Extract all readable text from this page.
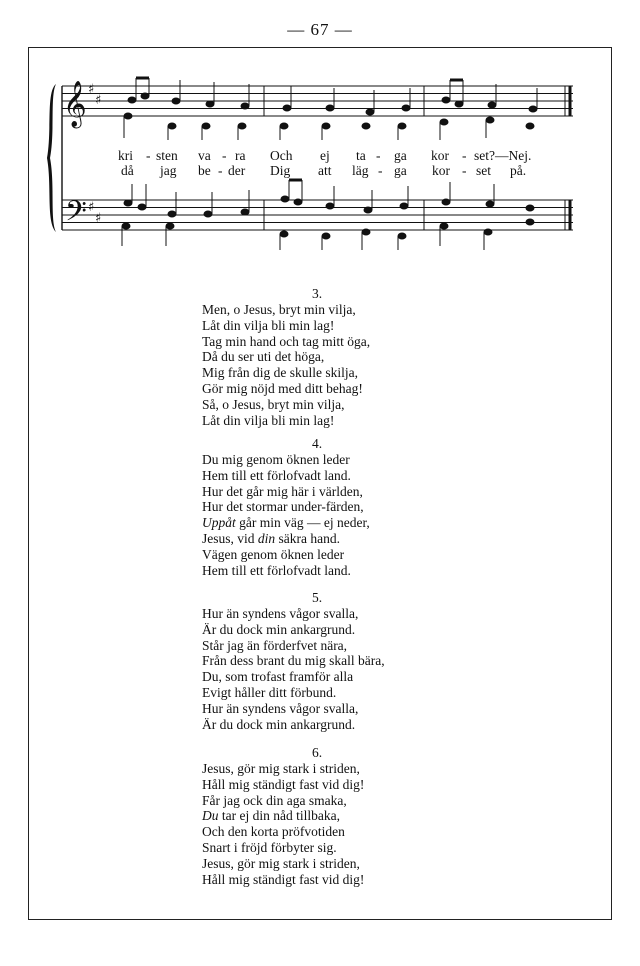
— 67 —
𝄞
𝄢
♯
♯
♯
♯
kri - sten va - ra Och ej ta - ga kor - set?—Nej.
då jag be - der Dig att läg - ga kor - set på.
3.
Men, o Jesus, bryt min vilja,
Låt din vilja bli min lag!
Tag min hand och tag mitt öga,
Då du ser uti det höga,
Mig från dig de skulle skilja,
Gör mig nöjd med ditt behag!
Så, o Jesus, bryt min vilja,
Låt din vilja bli min lag!
4.
Du mig genom öknen leder
Hem till ett förlofvadt land.
Hur det går mig här i världen,
Hur det stormar under-färden,
Uppåt går min väg — ej neder,
Jesus, vid din säkra hand.
Vägen genom öknen leder
Hem till ett förlofvadt land.
5.
Hur än syndens vågor svalla,
Är du dock min ankargrund.
Står jag än förderfvet nära,
Från dess brant du mig skall bära,
Du, som trofast framför alla
Evigt håller ditt förbund.
Hur än syndens vågor svalla,
Är du dock min ankargrund.
6.
Jesus, gör mig stark i striden,
Håll mig ständigt fast vid dig!
Får jag ock din aga smaka,
Du tar ej din nåd tillbaka,
Och den korta pröfvotiden
Snart i fröjd förbyter sig.
Jesus, gör mig stark i striden,
Håll mig ständigt fast vid dig!
